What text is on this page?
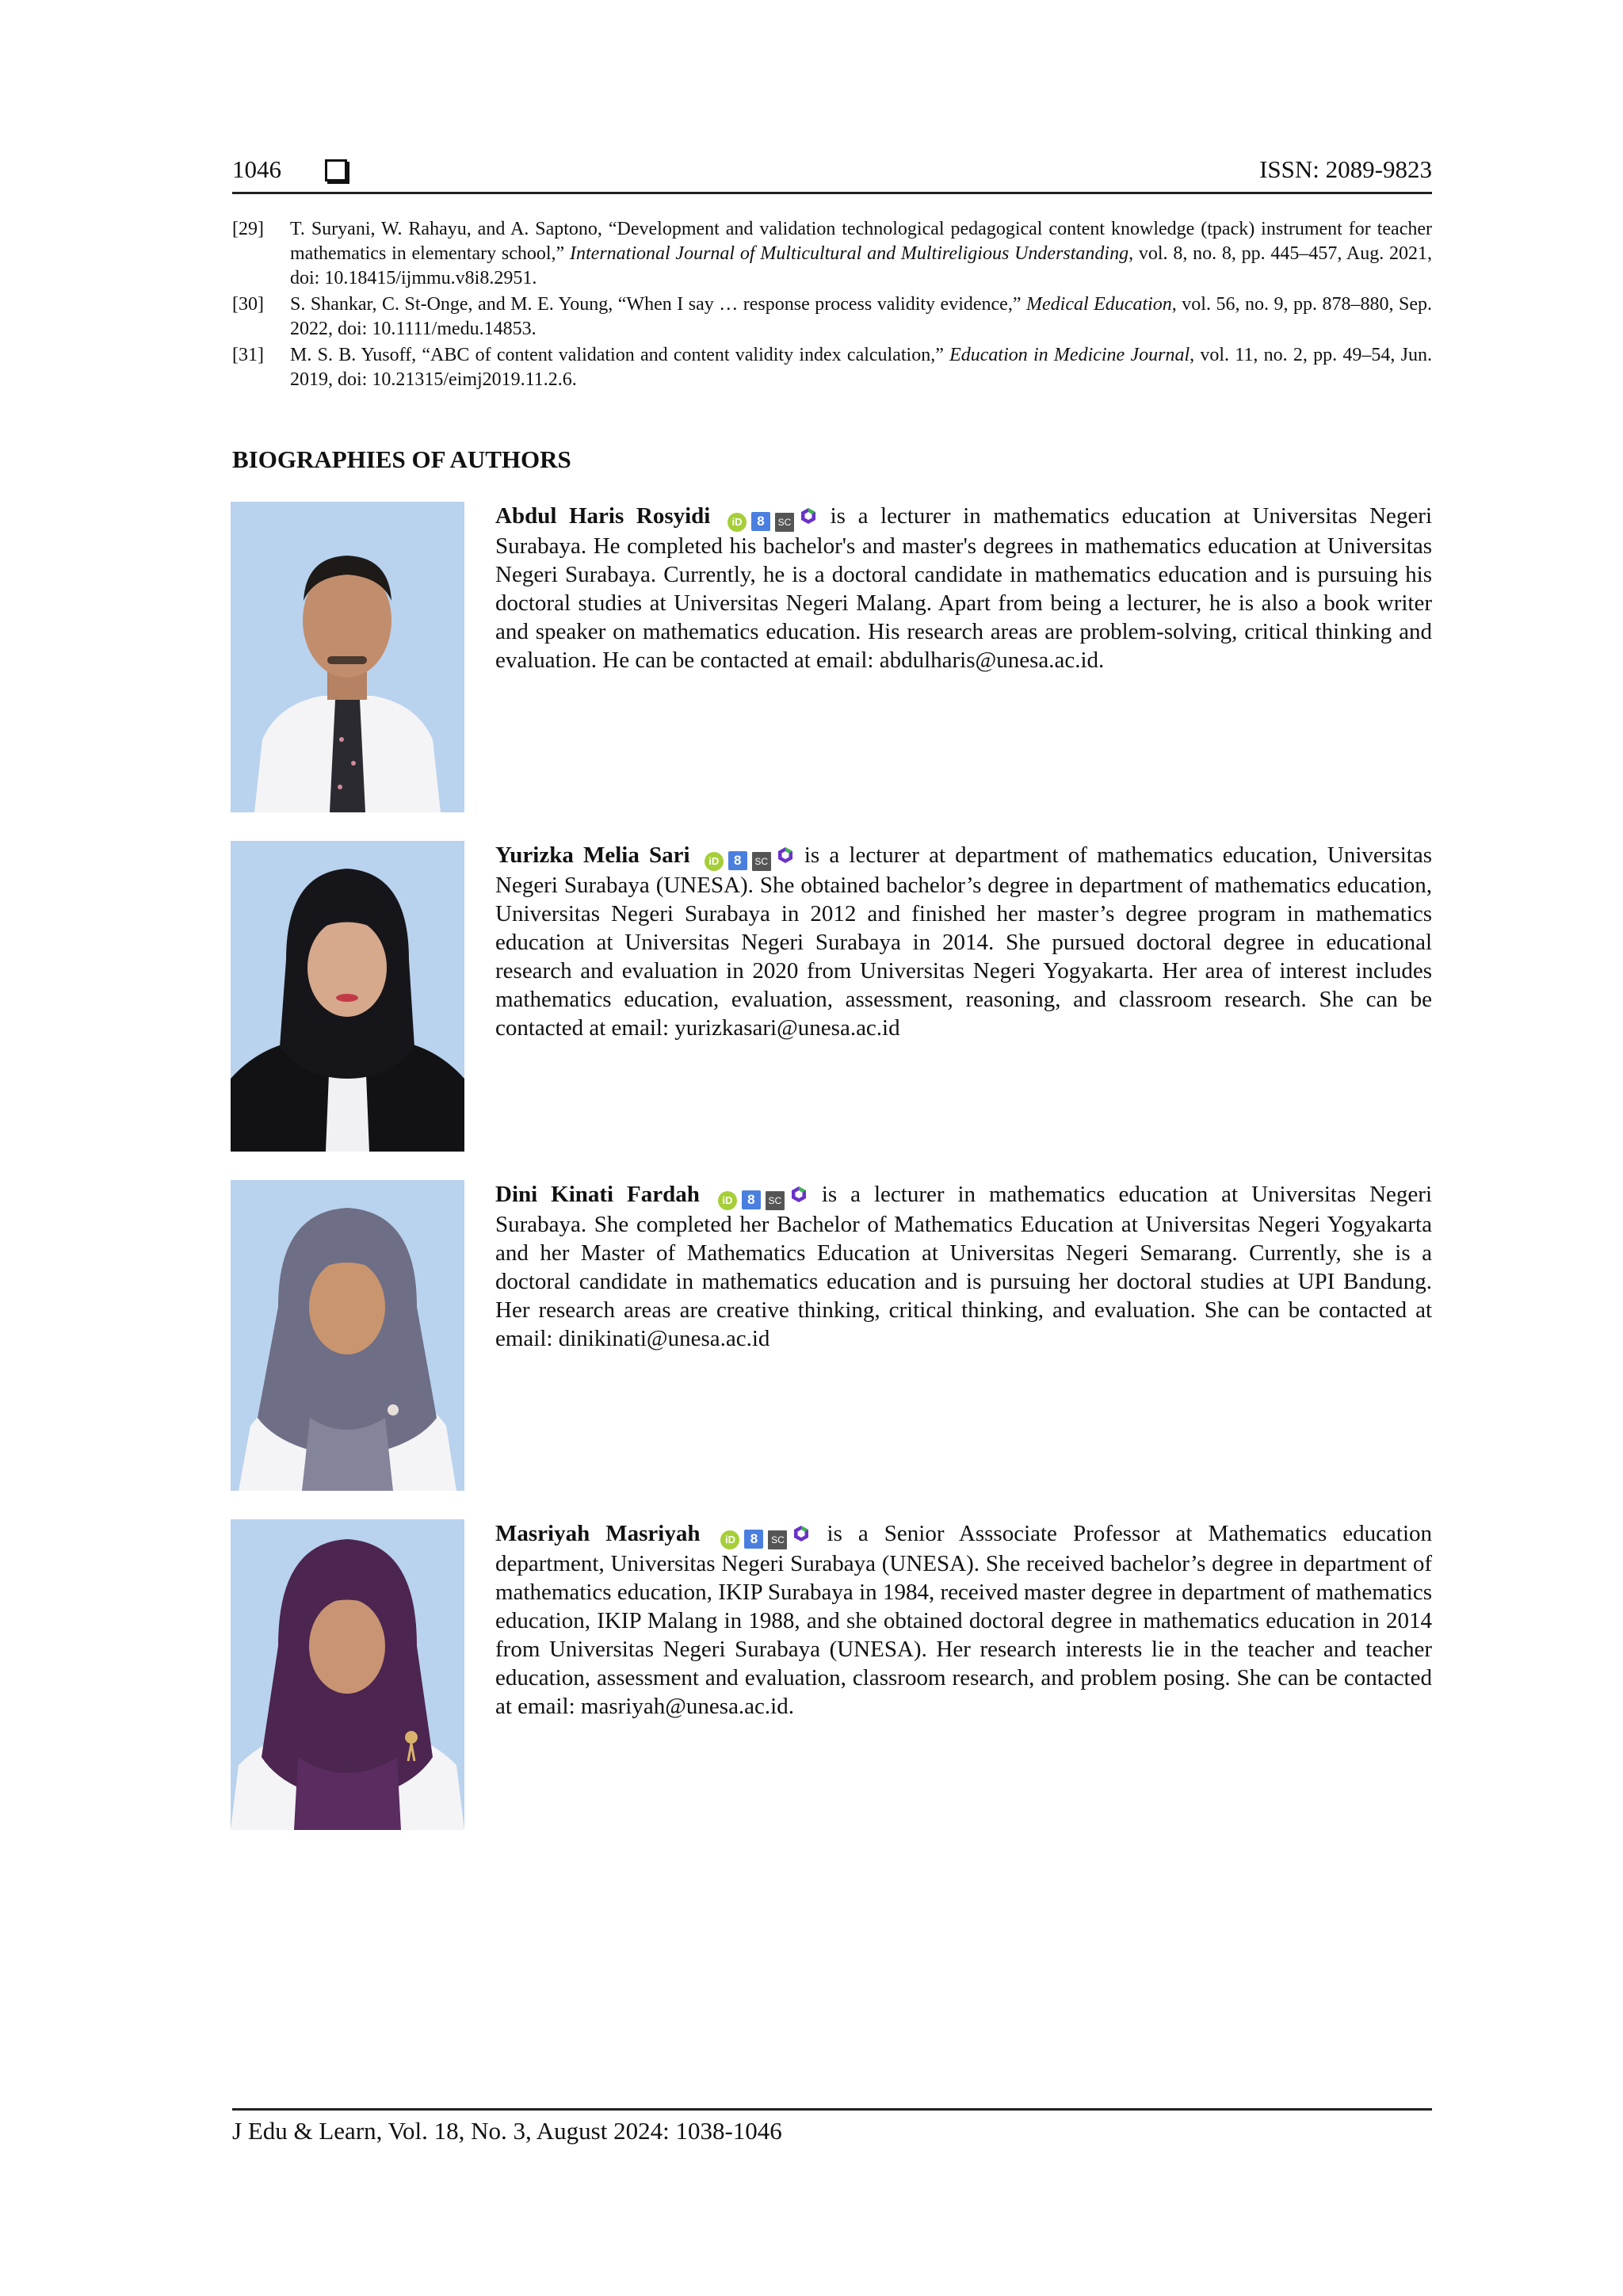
1046	ISSN: 2089-9823
[29] T. Suryani, W. Rahayu, and A. Saptono, “Development and validation technological pedagogical content knowledge (tpack) instrument for teacher mathematics in elementary school,” International Journal of Multicultural and Multireligious Understanding, vol. 8, no. 8, pp. 445–457, Aug. 2021, doi: 10.18415/ijmmu.v8i8.2951.
[30] S. Shankar, C. St-Onge, and M. E. Young, “When I say … response process validity evidence,” Medical Education, vol. 56, no. 9, pp. 878–880, Sep. 2022, doi: 10.1111/medu.14853.
[31] M. S. B. Yusoff, “ABC of content validation and content validity index calculation,” Education in Medicine Journal, vol. 11, no. 2, pp. 49–54, Jun. 2019, doi: 10.21315/eimj2019.11.2.6.
BIOGRAPHIES OF AUTHORS
Abdul Haris Rosyidi iD 8 SC is a lecturer in mathematics education at Universitas Negeri Surabaya. He completed his bachelor's and master's degrees in mathematics education at Universitas Negeri Surabaya. Currently, he is a doctoral candidate in mathematics education and is pursuing his doctoral studies at Universitas Negeri Malang. Apart from being a lecturer, he is also a book writer and speaker on mathematics education. His research areas are problem-solving, critical thinking and evaluation. He can be contacted at email: abdulharis@unesa.ac.id.
Yurizka Melia Sari iD 8 SC is a lecturer at department of mathematics education, Universitas Negeri Surabaya (UNESA). She obtained bachelor’s degree in department of mathematics education, Universitas Negeri Surabaya in 2012 and finished her master’s degree program in mathematics education at Universitas Negeri Surabaya in 2014. She pursued doctoral degree in educational research and evaluation in 2020 from Universitas Negeri Yogyakarta. Her area of interest includes mathematics education, evaluation, assessment, reasoning, and classroom research. She can be contacted at email: yurizkasari@unesa.ac.id
Dini Kinati Fardah iD 8 SC is a lecturer in mathematics education at Universitas Negeri Surabaya. She completed her Bachelor of Mathematics Education at Universitas Negeri Yogyakarta and her Master of Mathematics Education at Universitas Negeri Semarang. Currently, she is a doctoral candidate in mathematics education and is pursuing her doctoral studies at UPI Bandung. Her research areas are creative thinking, critical thinking, and evaluation. She can be contacted at email: dinikinati@unesa.ac.id
Masriyah Masriyah iD 8 SC is a Senior Asssociate Professor at Mathematics education department, Universitas Negeri Surabaya (UNESA). She received bachelor’s degree in department of mathematics education, IKIP Surabaya in 1984, received master degree in department of mathematics education, IKIP Malang in 1988, and she obtained doctoral degree in mathematics education in 2014 from Universitas Negeri Surabaya (UNESA). Her research interests lie in the teacher and teacher education, assessment and evaluation, classroom research, and problem posing. She can be contacted at email: masriyah@unesa.ac.id.
J Edu & Learn, Vol. 18, No. 3, August 2024: 1038-1046
